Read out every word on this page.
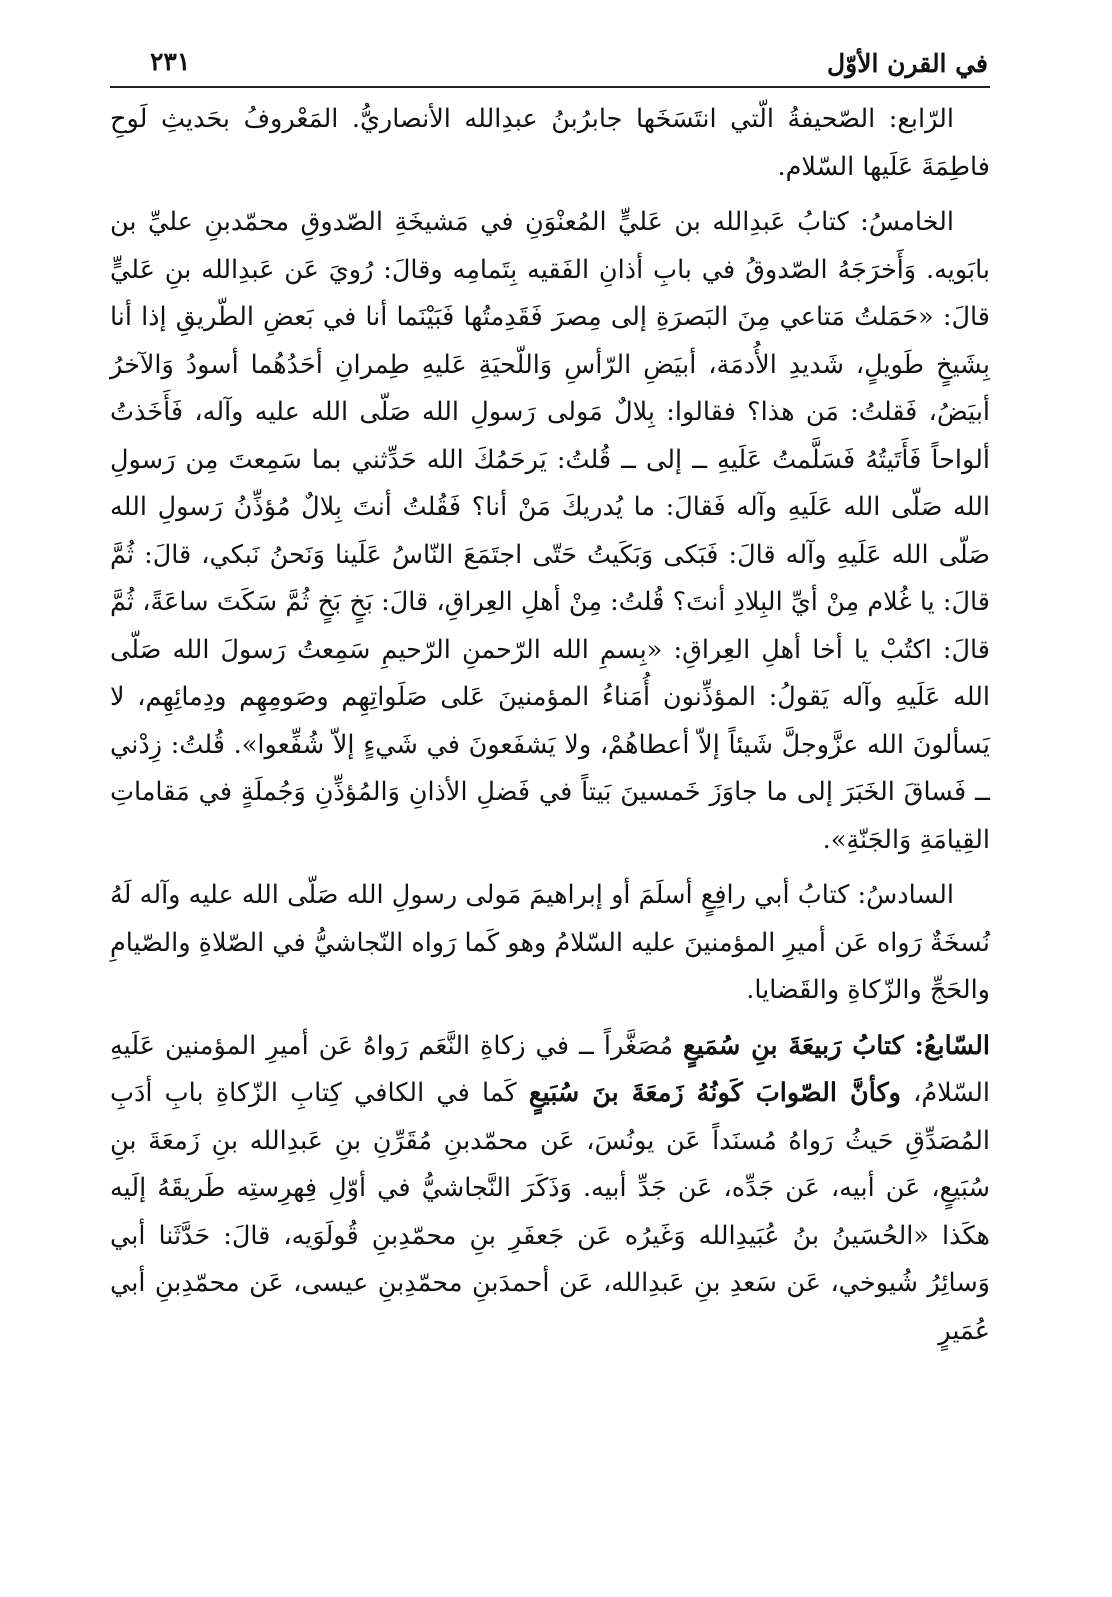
في القرن الأوّل
٢٣١

الرّابع: الصّحيفةُ الّتي انتَسَخَها جابرُبنُ عبدِالله الأنصاريُّ. المَعْروفُ بحَديثِ لَوحِ فاطِمَةَ عَلَيها السّلام.

الخامسُ: كتابُ عَبدِالله بن عَليٍّ المُعنْوَنِ في مَشيخَةِ الصّدوقِ محمّدبنِ عليِّ بن بابَويه. وَأَخرَجَهُ الصّدوقُ في بابِ أذانِ الفَقيه بِتَمامِه وقالَ: رُويَ عَن عَبدِالله بنِ عَليٍّ قالَ: «حَمَلتُ مَتاعي مِنَ البَصرَةِ إلى مِصرَ فَقَدِمتُها فَبَيْنَما أنا في بَعضِ الطّريقِ إذا أنا بِشَيخٍ طَويلٍ، شَديدِ الأُدمَة، أبيَضِ الرّأسِ وَاللّحيَةِ عَليهِ طِمرانِ أحَدُهُما أسودُ وَالآخرُ أبيَضُ، فَقلتُ: مَن هذا؟ فقالوا: بِلالٌ مَولى رَسولِ الله صَلّى الله عليه وآله، فَأَخَذتُ ألواحاً فَأَتَيتُهُ فَسَلَّمتُ عَلَيهِ ــ إلى ــ قُلتُ: يَرحَمُكَ الله حَدِّثني بما سَمِعتَ مِن رَسولِ الله صَلّى الله عَلَيهِ وآله فَقالَ: ما يُدريكَ مَنْ أنا؟ فَقُلتُ أنتَ بِلالٌ مُؤذِّنُ رَسولِ الله صَلّى الله عَلَيهِ وآله قالَ: فَبَكى وَبَكَيتُ حَتّى اجتَمَعَ النّاسُ عَلَينا وَنَحنُ نَبكي، قالَ: ثُمَّ قالَ: يا غُلام مِنْ أيِّ البِلادِ أنتَ؟ قُلتُ: مِنْ أهلِ العِراقِ، قالَ: بَخٍ بَخٍ ثُمَّ سَكَتَ ساعَةً، ثُمَّ قالَ: اكتُبْ يا أخا أهلِ العِراقِ: «بِسمِ الله الرّحمنِ الرّحيمِ سَمِعتُ رَسولَ الله صَلّى الله عَلَيهِ وآله يَقولُ: المؤذِّنون أُمَناءُ المؤمنينَ عَلى صَلَواتِهِم وصَومِهِم ودِمائِهِم، لا يَسألونَ الله عزَّوجلَّ شَيئاً إلاّ أعطاهُمْ، ولا يَشفَعونَ في شَيءٍ إلاّ شُفِّعوا». قُلتُ: زِدْني ــ فَساقَ الخَبَرَ إلى ما جاوَزَ خَمسينَ بَيتاً في فَضلِ الأذانِ وَالمُؤذِّنِ وَجُملَةٍ في مَقاماتِ القِيامَةِ وَالجَنّةِ».

السادسُ: كتابُ أبي رافِعٍ أسلَمَ أو إبراهيمَ مَولى رسولِ الله صَلّى الله عليه وآله لَهُ نُسخَةٌ رَواه عَن أميرِ المؤمنينَ عليه السّلامُ وهو كَما رَواه النّجاشيُّ في الصّلاةِ والصّيامِ والحَجِّ والزّكاةِ والقَضايا.

السّابعُ: كتابُ رَبيعَةَ بنِ سُمَيعٍ مُصَغَّراً ــ في زكاةِ النَّعَم رَواهُ عَن أميرِ المؤمنين عَلَيهِ السّلامُ، وكأنَّ الصّوابَ كَونُهُ زَمعَةَ بنَ سُبَيعٍ كَما في الكافي كِتابِ الزّكاةِ بابِ أدَبِ المُصَدِّقِ حَيثُ رَواهُ مُسنَداً عَن يونُسَ، عَن محمّدبنِ مُقَرِّنِ بنِ عَبدِالله بنِ زَمعَةَ بنِ سُبَيعٍ، عَن أبيه، عَن جَدِّه، عَن جَدِّ أبيه. وَذَكَرَ النَّجاشيُّ في أوّلِ فِهرِستِه طَريقَهُ إلَيه هكَذا «الحُسَينُ بنُ عُبَيدِالله وَغَيرُه عَن جَعفَرِ بنِ محمّدِبنِ قُولَوَيه، قالَ: حَدَّثَنا أبي وَسائِرُ شُيوخي، عَن سَعدِ بنِ عَبدِالله، عَن أحمدَبنِ محمّدِبنِ عيسى، عَن محمّدِبنِ أبي عُمَيرٍ
